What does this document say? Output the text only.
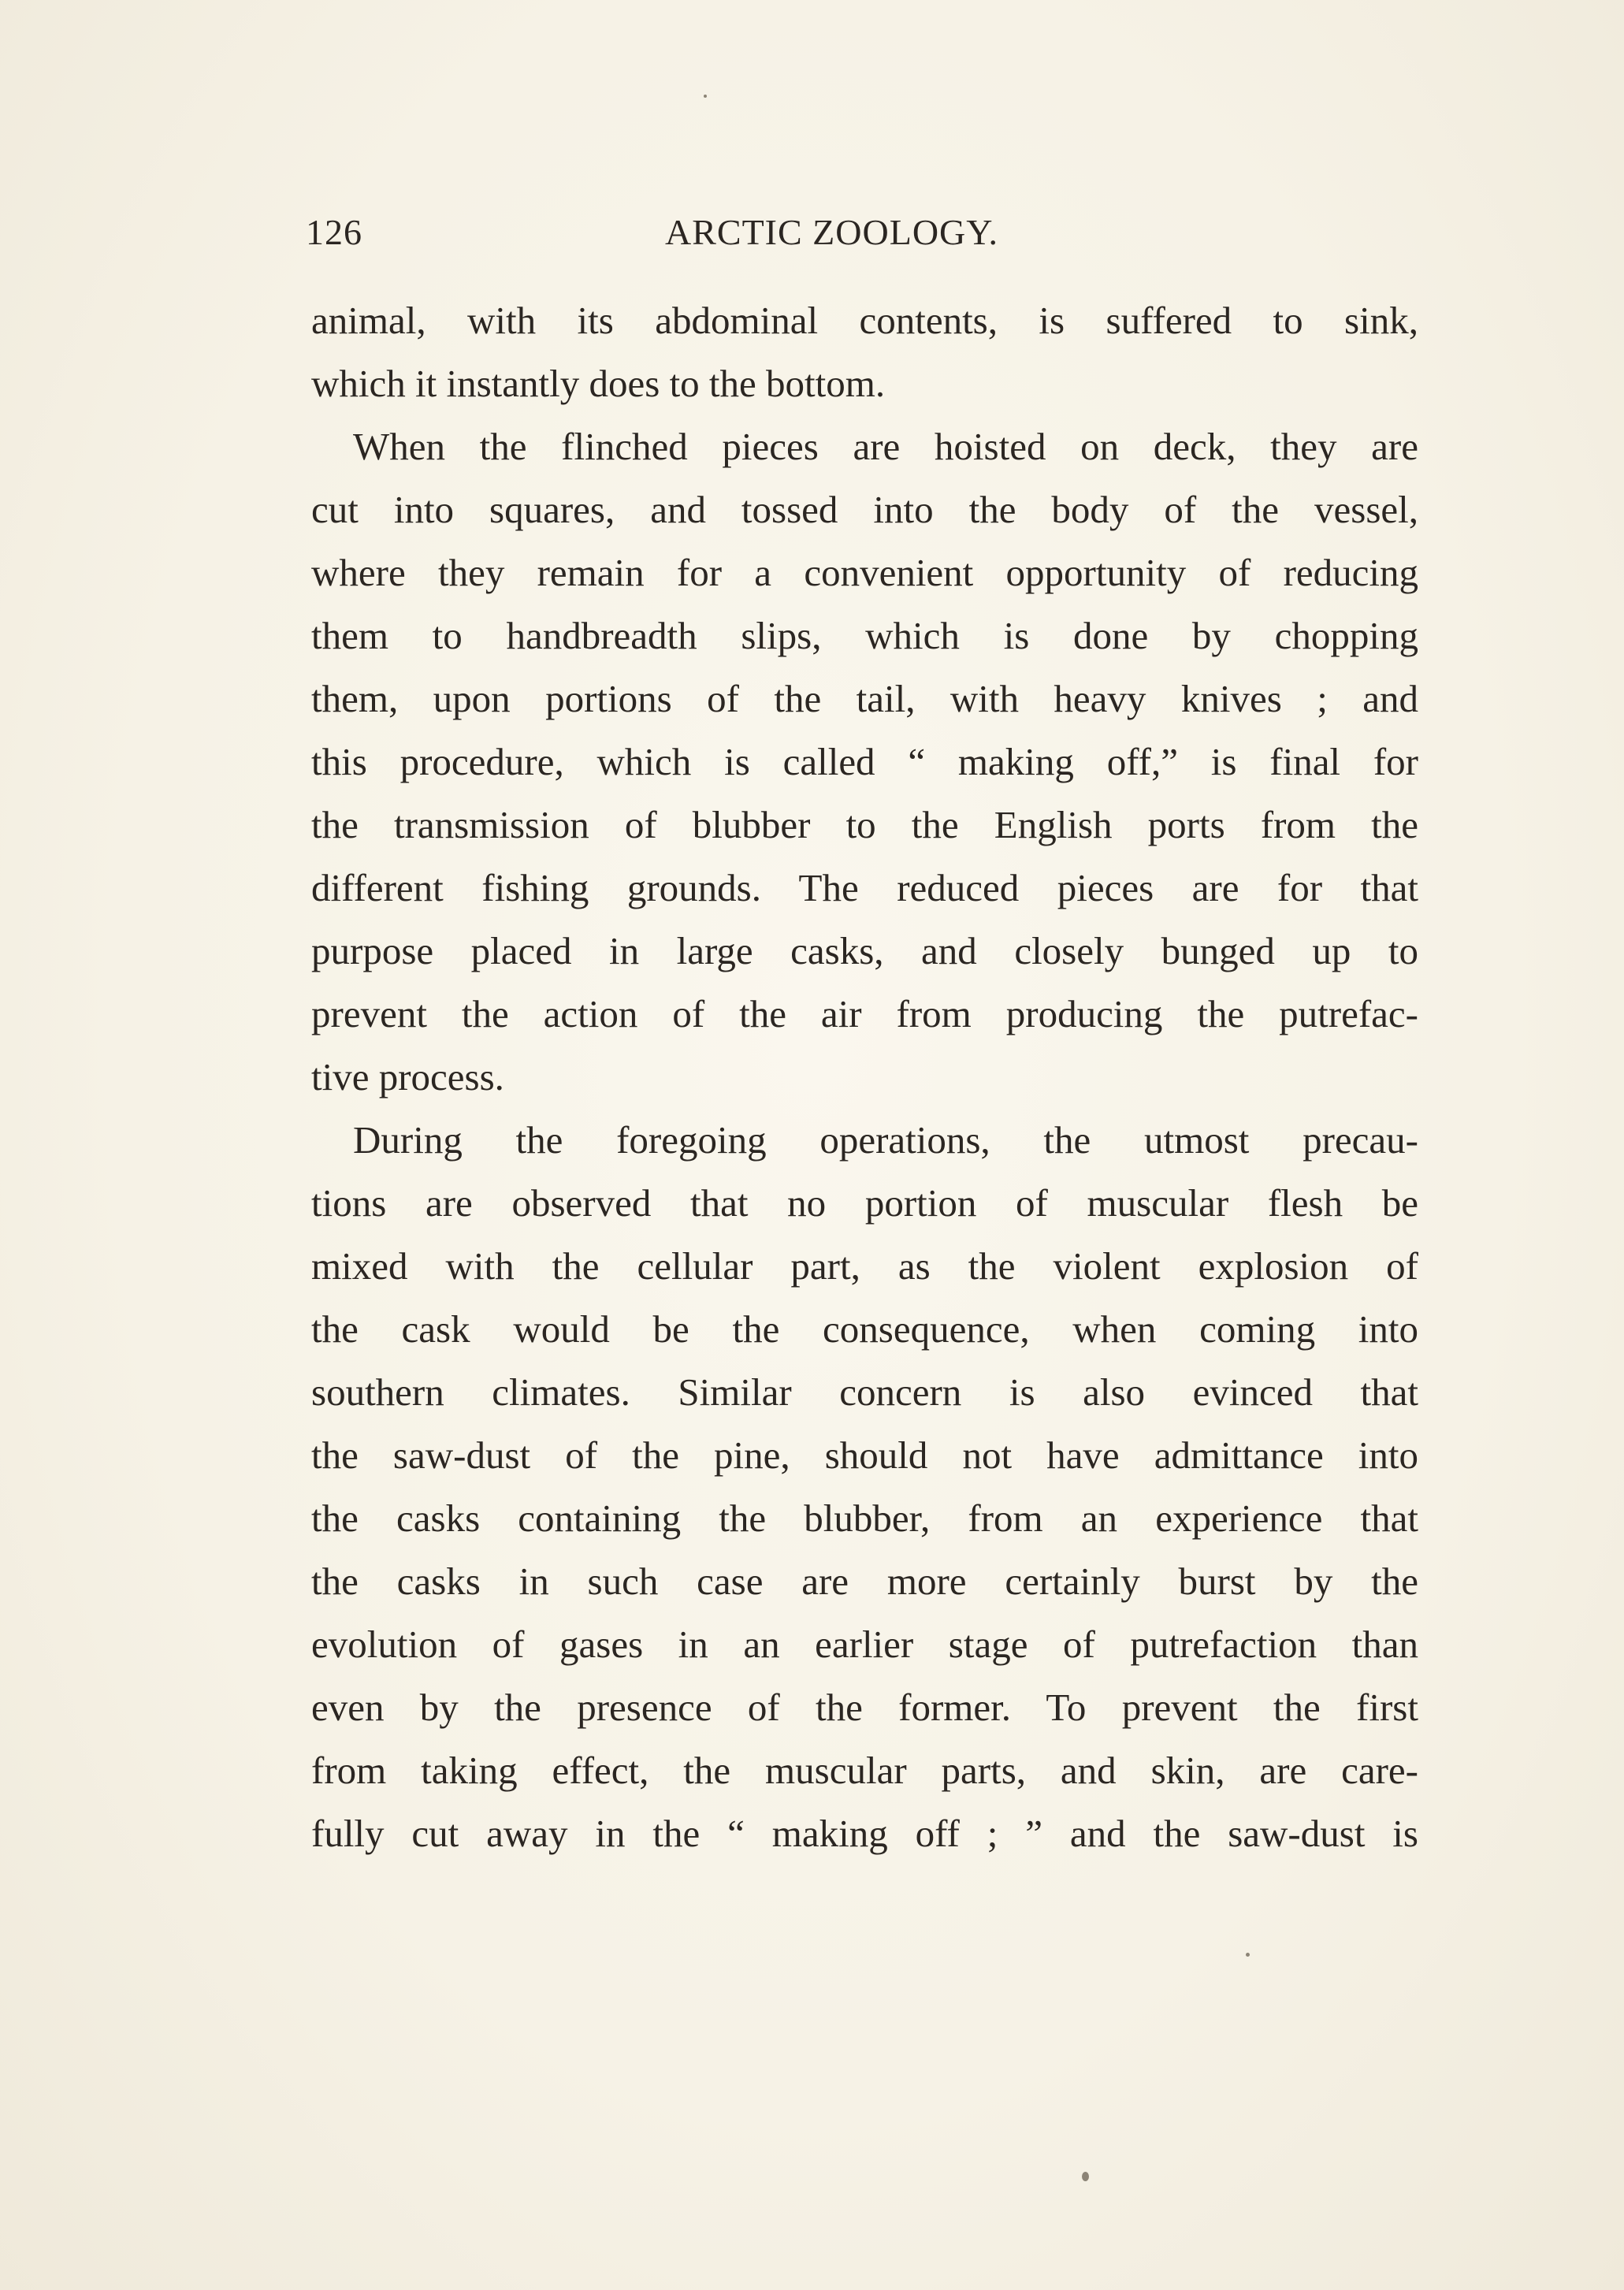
126	ARCTIC ZOOLOGY.
animal, with its abdominal contents, is suffered to sink,
which it instantly does to the bottom.
When the flinched pieces are hoisted on deck, they are
cut into squares, and tossed into the body of the vessel,
where they remain for a convenient opportunity of reducing
them to handbreadth slips, which is done by chopping
them, upon portions of the tail, with heavy knives ; and
this procedure, which is called “ making off,” is final for
the transmission of blubber to the English ports from the
different fishing grounds. The reduced pieces are for that
purpose placed in large casks, and closely bunged up to
prevent the action of the air from producing the putrefac-
tive process.
During the foregoing operations, the utmost precau-
tions are observed that no portion of muscular flesh be
mixed with the cellular part, as the violent explosion of
the cask would be the consequence, when coming into
southern climates. Similar concern is also evinced that
the saw-dust of the pine, should not have admittance into
the casks containing the blubber, from an experience that
the casks in such case are more certainly burst by the
evolution of gases in an earlier stage of putrefaction than
even by the presence of the former. To prevent the first
from taking effect, the muscular parts, and skin, are care-
fully cut away in the “ making off ; ” and the saw-dust is
